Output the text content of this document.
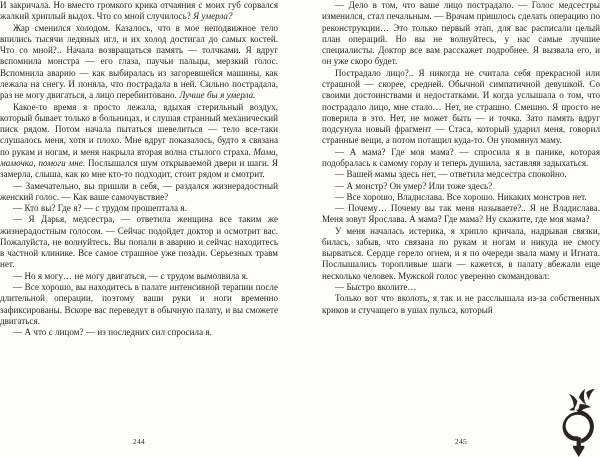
И закричала. Но вместо громкого крика отчаяния с моих губ сорвался жалкий хриплый выдох. Что со мной случилось? Я умерла?

Жар сменился холодом. Казалось, что в мое неподвижное тело впились тысячи ледяных игл, и их холод достигал до самых костей. Что со мной?.. Начала возвращаться память — толчками. Я вдруг вспомнила монстра — его глаза, паучьи пальцы, мерзкий голос. Вспомнила аварию — как выбиралась из загоревшейся машины, как лежала на снегу. И поняла, что пострадала в ней. Сильно пострадала, раз не могу двигаться, а лицо перебинтовано. Лучше бы я умерла.

Какое-то время я просто лежала, вдыхая стерильный воздух, который бывает только в больницах, и слушая странный механический писк рядом. Потом начала пытаться шевелиться — тело все-таки слушалось меня, хотя и плохо. Мне вдруг показалось, будто я связана по рукам и ногам, и меня накрыла вторая волна стылого страха. Мама, мамочка, помоги мне. Послышался шум открываемой двери и шаги. Я замерла, слыша, как ко мне кто-то подходит, стоит рядом и смотрит.

— Замечательно, вы пришли в себя, — раздался жизнерадостный женский голос. — Как ваше самочувствие?

— Кто вы? Где я? — с трудом прошептала я.

— Я Дарья, медсестра, — ответила женщина все таким же жизнерадостным голосом. — Сейчас подойдет доктор и осмотрит вас. Пожалуйста, не волнуйтесь. Вы попали в аварию и сейчас находитесь в частной клинике. Все самое страшное уже позади. Серьезных травм нет.

— Но я могу… не могу двигаться, — с трудом вымолвила я.

— Все хорошо, вы находитесь в палате интенсивной терапии после длительной операции, поэтому ваши руки и ноги временно зафиксированы. Вскоре вас переведут в обычную палату, и вы сможете двигаться.

— А что с лицом? — из последних сил спросила я.

— Дело в том, что ваше лицо пострадало. — Голос медсестры изменился, стал печальным. — Врачам пришлось сделать операцию по реконструкции… Это только первый этап, для вас расписали целый план операций. Но вы не волнуйтесь, у нас самые лучшие специалисты. Доктор все вам расскажет подробнее. Я вызвала его, и он уже скоро будет.

Пострадало лицо?.. Я никогда не считала себя прекрасной или страшной — скорее, средней. Обычной симпатичной девушкой. Со своими достоинствами и недостатками. И когда услышала о том, что пострадало лицо, мне стало… Нет, не страшно. Смешно. Я просто не поверила в это. Нет, не может быть — и точка. Зато память вдруг подсунула новый фрагмент — Стаса, который ударил меня, говорил странные вещи, а потом потащил куда-то. Он упомянул маму.

— А мама? Где моя мама? — спросила я в панике, которая подобралась к самому горлу и теперь душила, заставляя задыхаться.

— Вашей мамы здесь нет, — ответила медсестра спокойно.

— А монстр? Он умер? Или тоже здесь?

— Все хорошо, Владислава. Все хорошо. Никаких монстров нет.

— Почему… Почему вы так меня называете?.. Я не Владислава. Меня зовут Ярослава. А мама? Где мама? Ну скажите, где моя мама?

У меня началась истерика, я хрипло кричала, надрывая связки, билась, забыв, что связана по рукам и ногам и никуда не смогу вырваться. Сердце горело огнем, и я по очереди звала маму и Игната. Послышались торопливые шаги — кажется, в палату вбежали еще несколько человек. Мужской голос уверенно скомандовал:

— Быстро вколите…

Только вот что вколоть, я так и не расслышала из-за собственных криков и стучащего в ушах пульса, который

244	245
